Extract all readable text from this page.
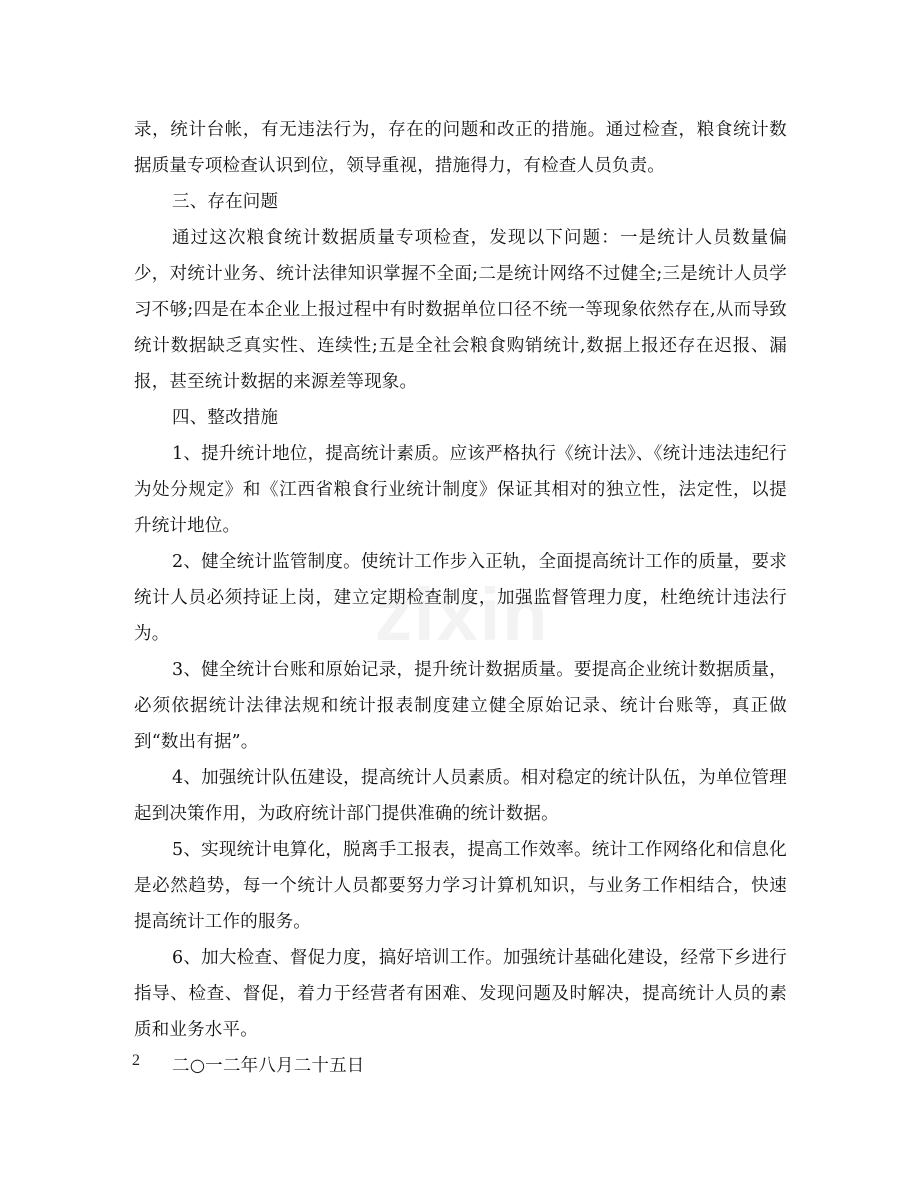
zixin

录，统计台帐，有无违法行为，存在的问题和改正的措施。通过检查，粮食统计数据质量专项检查认识到位，领导重视，措施得力，有检查人员负责。

三、存在问题

通过这次粮食统计数据质量专项检查，发现以下问题：一是统计人员数量偏少，对统计业务、统计法律知识掌握不全面;二是统计网络不过健全;三是统计人员学习不够;四是在本企业上报过程中有时数据单位口径不统一等现象依然存在,从而导致统计数据缺乏真实性、连续性;五是全社会粮食购销统计,数据上报还存在迟报、漏报，甚至统计数据的来源差等现象。

四、整改措施

1、提升统计地位，提高统计素质。应该严格执行《统计法》、《统计违法违纪行为处分规定》和《江西省粮食行业统计制度》保证其相对的独立性，法定性，以提升统计地位。

2、健全统计监管制度。使统计工作步入正轨，全面提高统计工作的质量，要求统计人员必须持证上岗，建立定期检查制度，加强监督管理力度，杜绝统计违法行为。

3、健全统计台账和原始记录，提升统计数据质量。要提高企业统计数据质量，必须依据统计法律法规和统计报表制度建立健全原始记录、统计台账等，真正做到“数出有据”。

4、加强统计队伍建设，提高统计人员素质。相对稳定的统计队伍，为单位管理起到决策作用，为政府统计部门提供准确的统计数据。

5、实现统计电算化，脱离手工报表，提高工作效率。统计工作网络化和信息化是必然趋势，每一个统计人员都要努力学习计算机知识，与业务工作相结合，快速提高统计工作的服务。

6、加大检查、督促力度，搞好培训工作。加强统计基础化建设，经常下乡进行指导、检查、督促，着力于经营者有困难、发现问题及时解决，提高统计人员的素质和业务水平。

二○一二年八月二十五日

2
